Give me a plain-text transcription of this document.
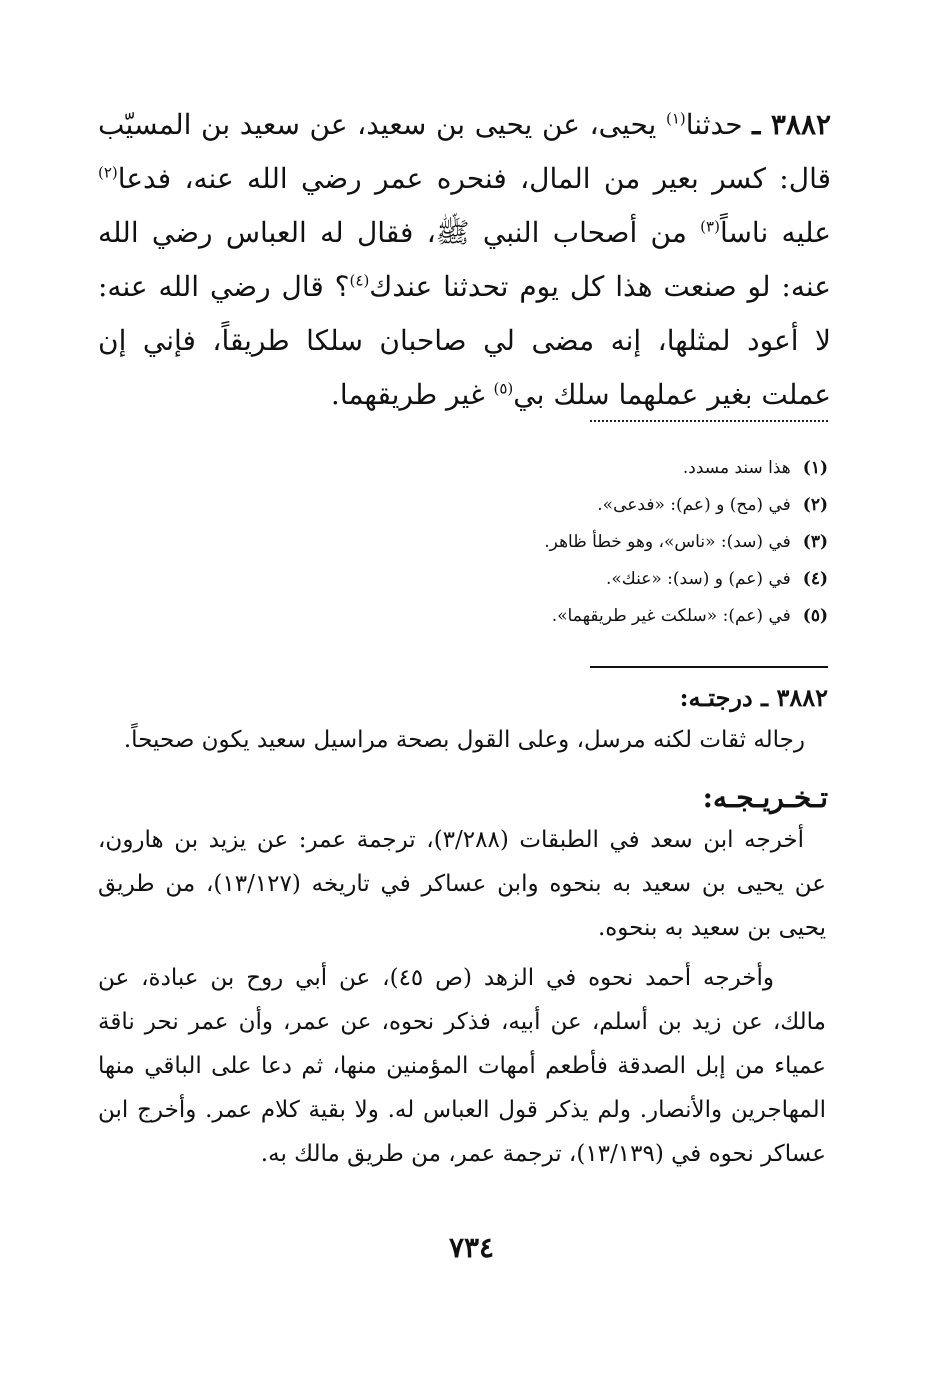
٣٨٨٢ ـ حدثنا$^{(١)}$ يحيى، عن يحيى بن سعيد، عن سعيد بن المسيّب قال: كسر بعير من المال، فنحره عمر رضي الله عنه، فدعا$^{(٢)}$ عليه ناساً$^{(٣)}$ من أصحاب النبي ﷺ، فقال له العباس رضي الله عنه: لو صنعت هذا كل يوم تحدثنا عندك$^{(٤)}$؟ قال رضي الله عنه: لا أعود لمثلها، إنه مضى لي صاحبان سلكا طريقاً، فإني إن عملت بغير عملهما سلك بي$^{(٥)}$ غير طريقهما.
(١)هذا سند مسدد.
(٢)في (مح) و (عم): «فدعى».
(٣)في (سد): «ناس»، وهو خطأ ظاهر.
(٤)في (عم) و (سد): «عنك».
(٥)في (عم): «سلكت غير طريقهما».
٣٨٨٢ ـ درجتـه:
رجاله ثقات لكنه مرسل، وعلى القول بصحة مراسيل سعيد يكون صحيحاً.
تـخـريـجـه:

أخرجه ابن سعد في الطبقات (٣/٢٨٨)، ترجمة عمر: عن يزيد بن هارون، عن يحيى بن سعيد به بنحوه وابن عساكر في تاريخه (١٣/١٢٧)، من طريق يحيى بن سعيد به بنحوه.

وأخرجه أحمد نحوه في الزهد (ص ٤٥)، عن أبي روح بن عبادة، عن مالك، عن زيد بن أسلم، عن أبيه، فذكر نحوه، عن عمر، وأن عمر نحر ناقة عمياء من إبل الصدقة فأطعم أمهات المؤمنين منها، ثم دعا على الباقي منها المهاجرين والأنصار. ولم يذكر قول العباس له. ولا بقية كلام عمر. وأخرج ابن عساكر نحوه في (١٣/١٣٩)، ترجمة عمر، من طريق مالك به.

٧٣٤
